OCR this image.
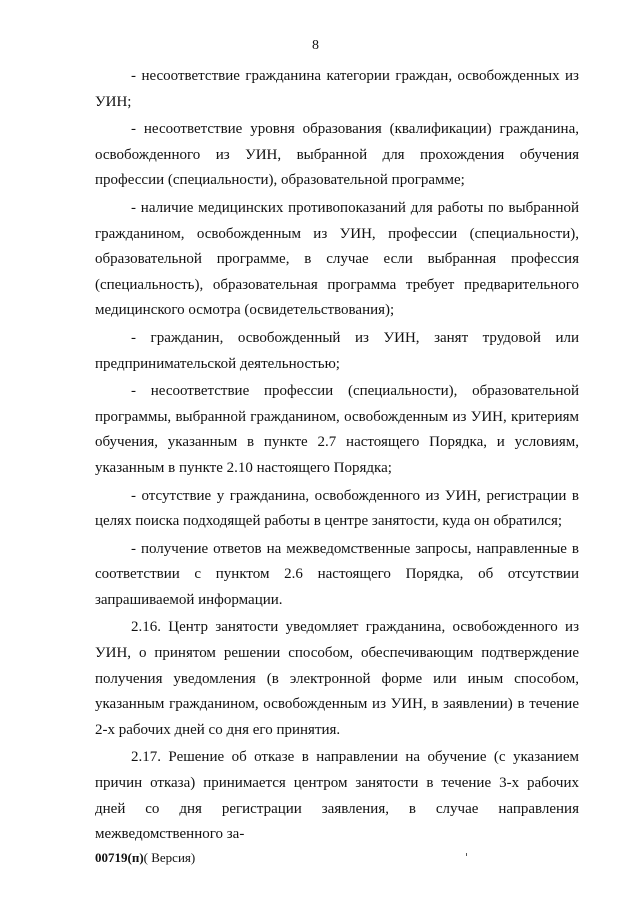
8

- несоответствие гражданина категории граждан, освобожденных из УИН;

- несоответствие уровня образования (квалификации) гражданина, освобожденного из УИН, выбранной для прохождения обучения профессии (специальности), образовательной программе;

- наличие медицинских противопоказаний для работы по выбранной гражданином, освобожденным из УИН, профессии (специальности), образовательной программе, в случае если выбранная профессия (специальность), образовательная программа требует предварительного медицинского осмотра (освидетельствования);

- гражданин, освобожденный из УИН, занят трудовой или предпринимательской деятельностью;

- несоответствие профессии (специальности), образовательной программы, выбранной гражданином, освобожденным из УИН, критериям обучения, указанным в пункте 2.7 настоящего Порядка, и условиям, указанным в пункте 2.10 настоящего Порядка;

- отсутствие у гражданина, освобожденного из УИН, регистрации в целях поиска подходящей работы в центре занятости, куда он обратился;

- получение ответов на межведомственные запросы, направленные в соответствии с пунктом 2.6 настоящего Порядка, об отсутствии запрашиваемой информации.

2.16. Центр занятости уведомляет гражданина, освобожденного из УИН, о принятом решении способом, обеспечивающим подтверждение получения уведомления (в электронной форме или иным способом, указанным гражданином, освобожденным из УИН, в заявлении) в течение 2-х рабочих дней со дня его принятия.

2.17. Решение об отказе в направлении на обучение (с указанием причин отказа) принимается центром занятости в течение 3-х рабочих дней со дня регистрации заявления, в случае направления межведомственного за-

00719(п)( Версия)
